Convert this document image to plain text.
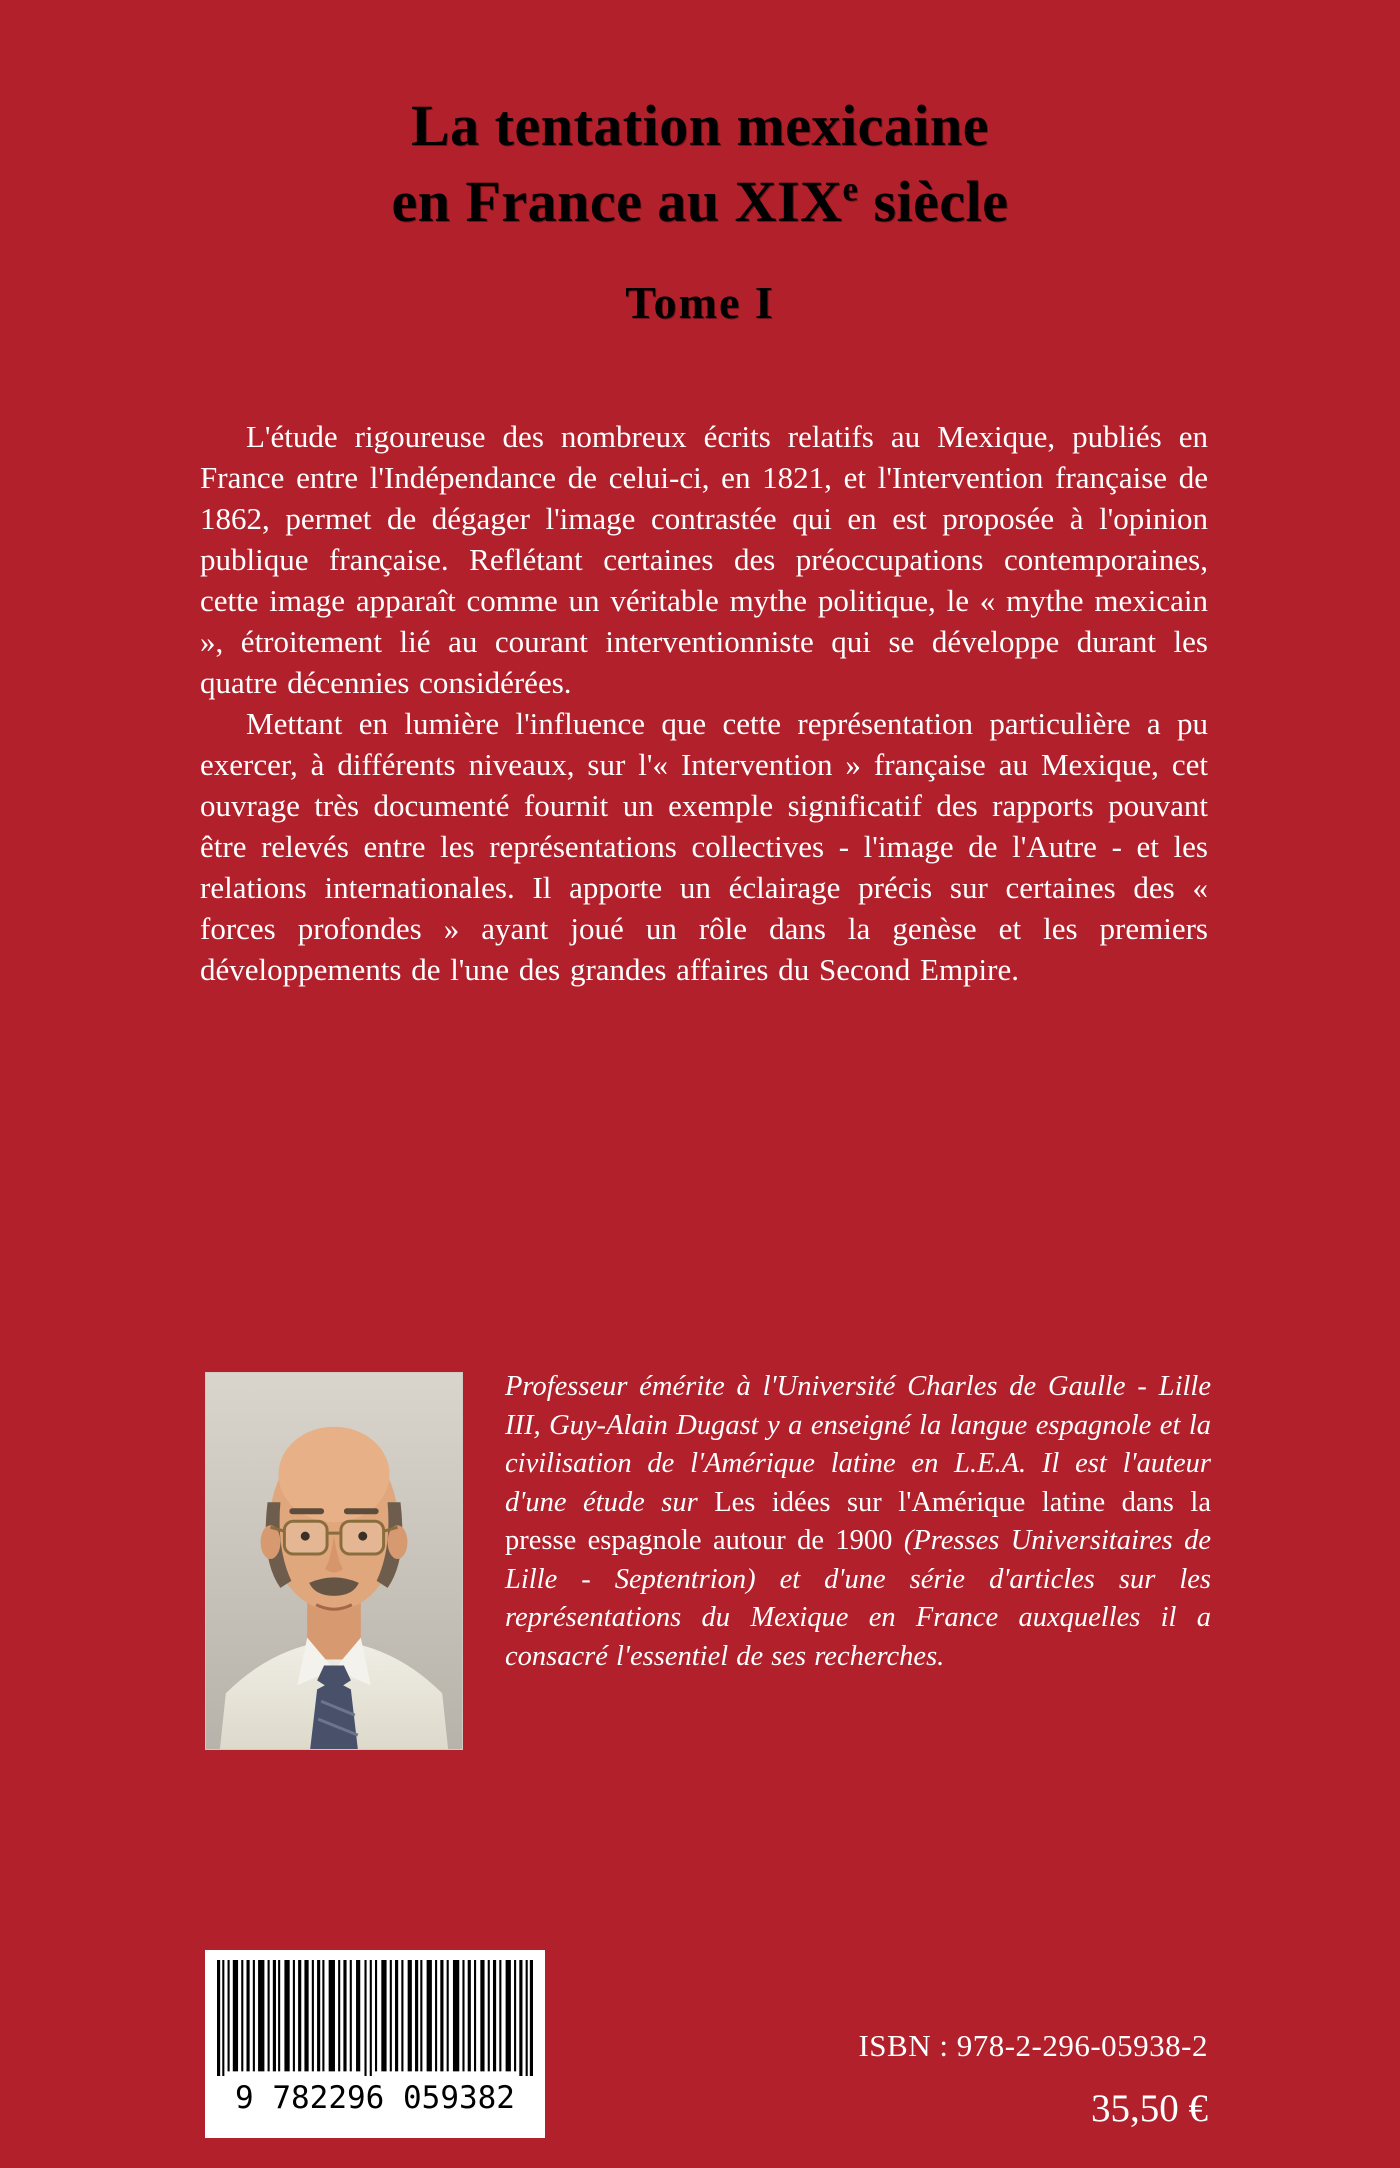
La tentation mexicaine
en France au XIXe siècle
Tome I

L'étude rigoureuse des nombreux écrits relatifs au Mexique, publiés en France entre l'Indépendance de celui-ci, en 1821, et l'Intervention française de 1862, permet de dégager l'image contrastée qui en est proposée à l'opinion publique française. Reflétant certaines des préoccupations contemporaines, cette image apparaît comme un véritable mythe politique, le « mythe mexicain », étroitement lié au courant interventionniste qui se développe durant les quatre décennies considérées.

Mettant en lumière l'influence que cette représentation particulière a pu exercer, à différents niveaux, sur l'« Intervention » française au Mexique, cet ouvrage très documenté fournit un exemple significatif des rapports pouvant être relevés entre les représentations collectives - l'image de l'Autre - et les relations internationales. Il apporte un éclairage précis sur certaines des « forces profondes » ayant joué un rôle dans la genèse et les premiers développements de l'une des grandes affaires du Second Empire.

Professeur émérite à l'Université Charles de Gaulle - Lille III, Guy-Alain Dugast y a enseigné la langue espagnole et la civilisation de l'Amérique latine en L.E.A. Il est l'auteur d'une étude sur Les idées sur l'Amérique latine dans la presse espagnole autour de 1900 (Presses Universitaires de Lille - Septentrion) et d'une série d'articles sur les représentations du Mexique en France auxquelles il a consacré l'essentiel de ses recherches.
9 782296 059382
ISBN : 978-2-296-05938-2
35,50 €
